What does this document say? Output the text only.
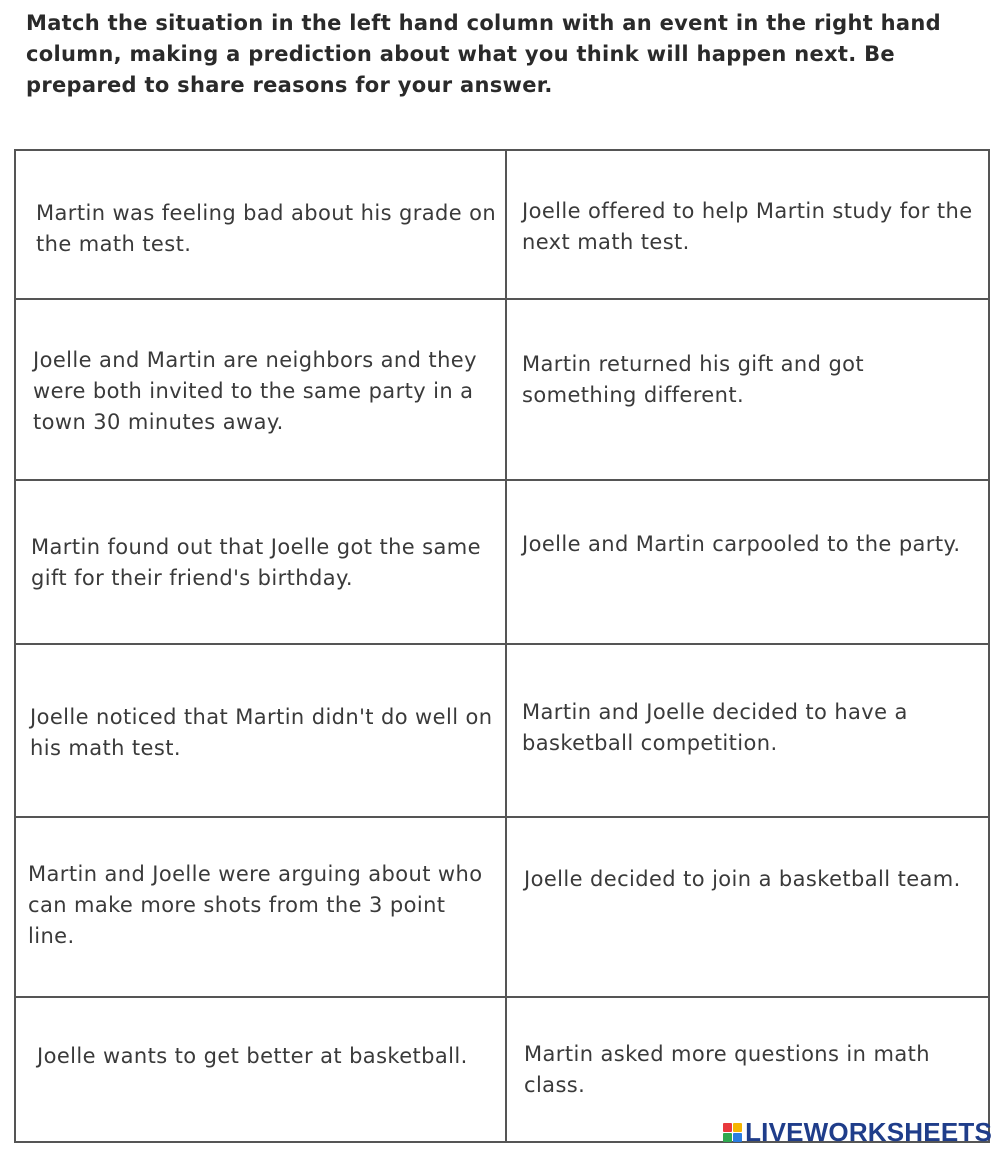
Match the situation in the left hand column with an event in the right hand column, making a prediction about what you think will happen next. Be prepared to share reasons for your answer.
Martin was feeling bad about his grade on the math test.
Joelle offered to help Martin study for the next math test.
Joelle and Martin are neighbors and they were both invited to the same party in a town 30 minutes away.
Martin returned his gift and got something different.
Martin found out that Joelle got the same gift for their friend's birthday.
Joelle and Martin carpooled to the party.
Joelle noticed that Martin didn't do well on his math test.
Martin and Joelle decided to have a basketball competition.
Martin and Joelle were arguing about who can make more shots from the 3 point line.
Joelle decided to join a basketball team.
Joelle wants to get better at basketball.	Martin asked more questions in math class.
LIVEWORKSHEETS
